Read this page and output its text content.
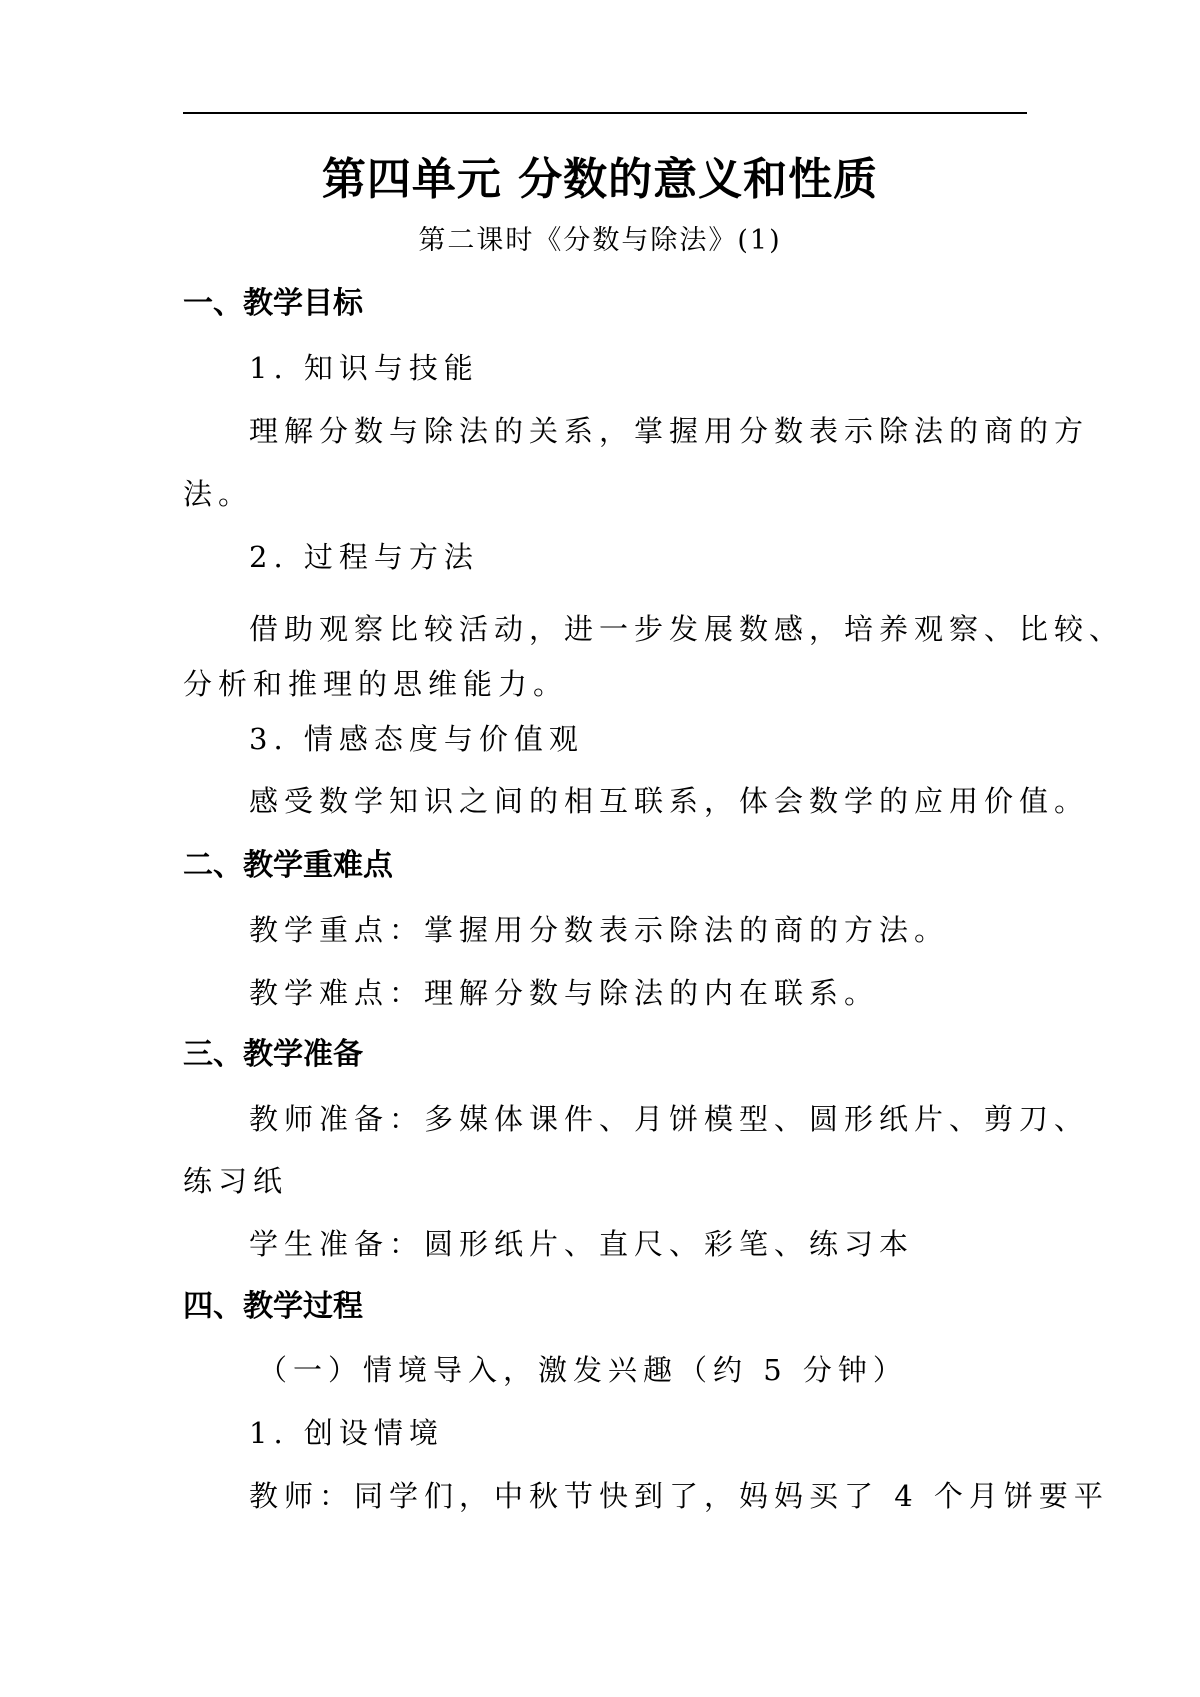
第四单元 分数的意义和性质
第二课时《分数与除法》(1)
一、教学目标
1. 知识与技能
理解分数与除法的关系，掌握用分数表示除法的商的方
法。
2. 过程与方法
借助观察比较活动，进一步发展数感，培养观察、比较、
分析和推理的思维能力。
3. 情感态度与价值观
感受数学知识之间的相互联系，体会数学的应用价值。
二、教学重难点
教学重点：掌握用分数表示除法的商的方法。
教学难点：理解分数与除法的内在联系。
三、教学准备
教师准备：多媒体课件、月饼模型、圆形纸片、剪刀、
练习纸
学生准备：圆形纸片、直尺、彩笔、练习本
四、教学过程
（一）情境导入，激发兴趣（约 5 分钟）
1. 创设情境
教师：同学们，中秋节快到了，妈妈买了 4 个月饼要平
